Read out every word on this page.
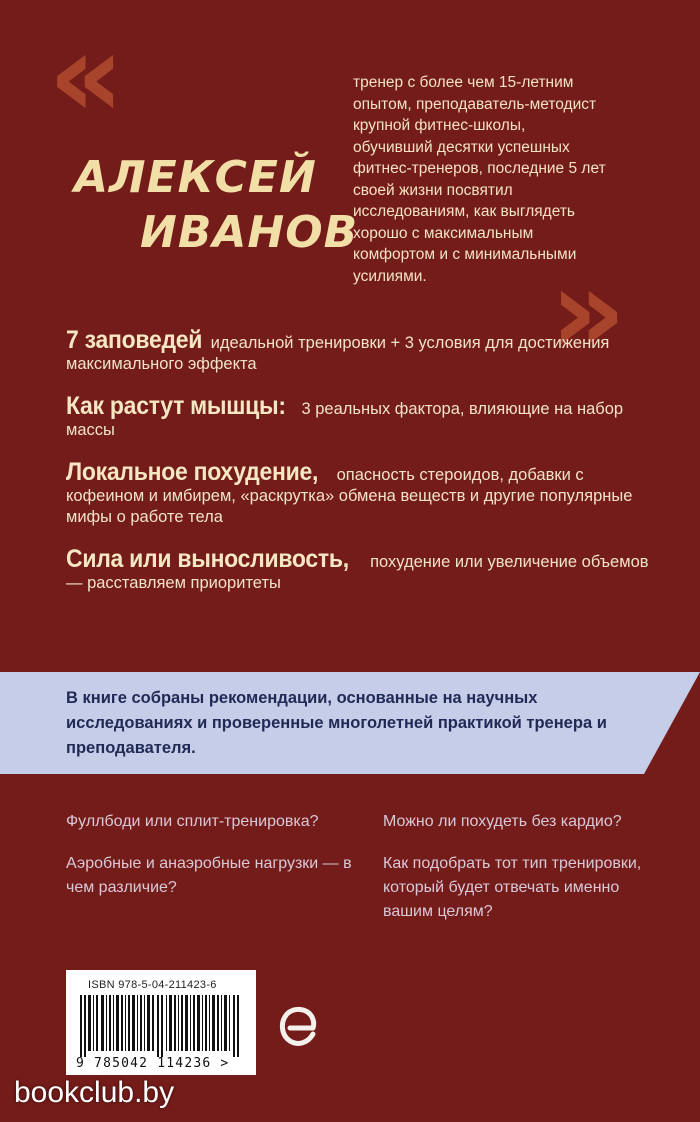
«
»
АЛЕКСЕЙ
ИВАНОВ
тренер с более чем 15-летним
опытом, преподаватель-методист
крупной фитнес-школы,
обучивший десятки успешных
фитнес-тренеров, последние 5 лет
своей жизни посвятил
исследованиям, как выглядеть
хорошо с максимальным
комфортом и с минимальными
усилиями.
7 заповедей идеальной тренировки + 3 условия для достижения максимального эффекта
Как растут мышцы: 3 реальных фактора, влияющие на набор массы
Локальное похудение, опасность стероидов, добавки с кофеином и имбирем, «раскрутка» обмена веществ и другие популярные мифы о работе тела
Сила или выносливость, похудение или увеличение объемов — расставляем приоритеты
В книге собраны рекомендации, основанные на научных исследованиях и проверенные многолетней практикой тренера и преподавателя.

Фуллбоди или сплит-тренировка?

Аэробные и анаэробные нагрузки — в чем различие?

Можно ли похудеть без кардио?

Как подобрать тот тип тренировки, который будет отвечать именно вашим целям?

ISBN 978-5-04-211423-6
9 785042 114236 >
bookclub.by
